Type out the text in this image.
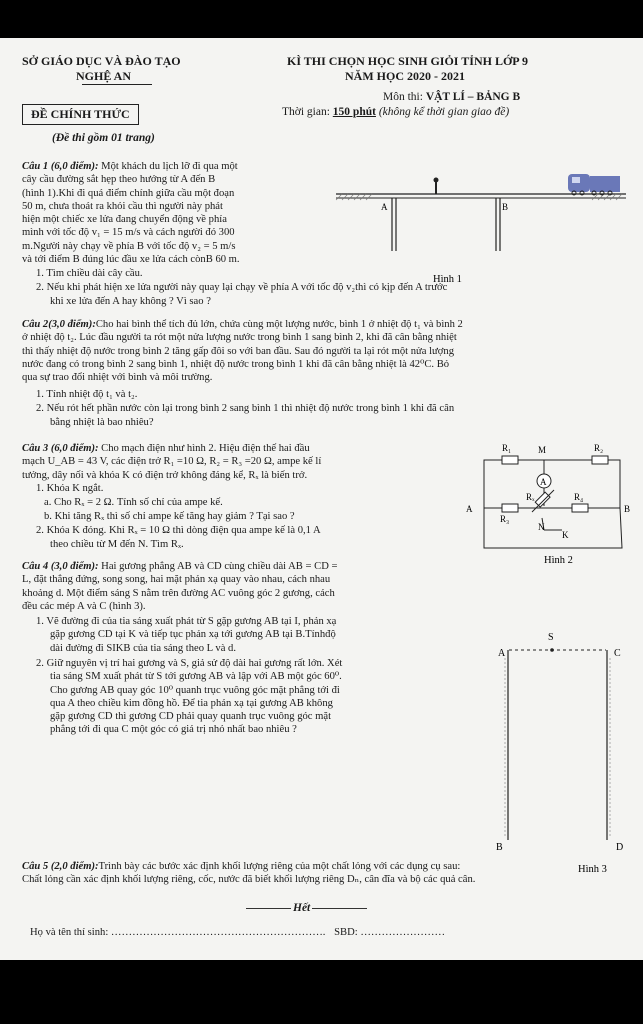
SỞ GIÁO DỤC VÀ ĐÀO TẠO
NGHỆ AN
ĐỀ CHÍNH THỨC
(Đề thi gồm 01 trang)
KÌ THI CHỌN HỌC SINH GIỎI TỈNH LỚP 9
NĂM HỌC 2020 - 2021
Môn thi: VẬT LÍ – BẢNG B
Thời gian: 150 phút (không kể thời gian giao đề)

Câu 1 (6,0 điểm): Một khách du lịch lỡ đi qua một

cây cầu đường sắt hẹp theo hướng từ A đến B

(hình 1).Khi đi quá điểm chính giữa cầu một đoạn

50 m, chưa thoát ra khỏi cầu thì người này phát

hiện một chiếc xe lửa đang chuyển động về phía

mình với tốc độ v₁ = 15 m/s và cách người đó 300

m.Người này chạy về phía B với tốc độ v₂ = 5 m/s

và tới điểm B đúng lúc đầu xe lửa cách cònB 60 m.

1. Tìm chiều dài cây cầu.
2. Nếu khi phát hiện xe lửa người này quay lại chạy về phía A với tốc độ v₂thì có kịp đến A trước
khi xe lửa đến A hay không ? Vì sao ?
A	B
Hình 1

Câu 2(3,0 điểm):Cho hai bình thể tích đủ lớn, chứa cùng một lượng nước, bình 1 ở nhiệt độ t₁ và bình 2

ở nhiệt độ t₂. Lúc đầu người ta rót một nửa lượng nước trong bình 1 sang bình 2, khi đã cân bằng nhiệt

thì thấy nhiệt độ nước trong bình 2 tăng gấp đôi so với ban đầu. Sau đó người ta lại rót một nửa lượng

nước đang có trong bình 2 sang bình 1, nhiệt độ nước trong bình 1 khi đã cân bằng nhiệt là 42⁰C. Bỏ

qua sự trao đổi nhiệt với bình và môi trường.

1. Tính nhiệt độ t₁ và t₂.
2. Nếu rót hết phần nước còn lại trong bình 2 sang bình 1 thì nhiệt độ nước trong bình 1 khi đã cân
bằng nhiệt là bao nhiêu?

Câu 3 (6,0 điểm): Cho mạch điện như hình 2. Hiệu điện thế hai đầu

mạch U_AB = 43 V, các điện trở R₁ =10 Ω, R₂ = R₃ =20 Ω, ampe kế lí

tưởng, dây nối và khóa K có điện trở không đáng kể, Rₓ là biến trở.

1. Khóa K ngắt.
a. Cho Rₓ = 2 Ω. Tính số chỉ của ampe kế.
b. Khi tăng Rₓ thì số chỉ ampe kế tăng hay giảm ? Tại sao ?
2. Khóa K đóng. Khi Rₓ = 10 Ω thì dòng điện qua ampe kế là 0,1 A
theo chiều từ M đến N. Tìm Rₓ.
A
R₁	M	R₂
A	B
R₃
Rₓ	R₄
N
K
Hình 2

Câu 4 (3,0 điểm): Hai gương phẳng AB và CD cùng chiều dài AB = CD =

L, đặt thẳng đứng, song song, hai mặt phản xạ quay vào nhau, cách nhau

khoảng d. Một điểm sáng S nằm trên đường AC vuông góc 2 gương, cách

đều các mép A và C (hình 3).

1. Vẽ đường đi của tia sáng xuất phát từ S gặp gương AB tại I, phản xạ

gặp gương CD tại K và tiếp tục phản xạ tới gương AB tại B.Tínhđộ

dài đường đi SIKB của tia sáng theo L và d.

2. Giữ nguyên vị trí hai gương và S, giả sử độ dài hai gương rất lớn. Xét

tia sáng SM xuất phát từ S tới gương AB và lập với AB một góc 60⁰.

Cho gương AB quay góc 10⁰ quanh trục vuông góc mặt phẳng tới đi

qua A theo chiều kim đồng hồ. Để tia phản xạ tại gương AB không

gặp gương CD thì gương CD phải quay quanh trục vuông góc mặt

phẳng tới đi qua C một góc có giá trị nhỏ nhất bao nhiêu ?

S
A	C
B	D
Hình 3

Câu 5 (2,0 điểm):Trình bày các bước xác định khối lượng riêng của một chất lỏng với các dụng cụ sau:

Chất lỏng cần xác định khối lượng riêng, cốc, nước đã biết khối lượng riêng Dₙ, cân đĩa và bộ các quả cân.

Hết
Họ và tên thí sinh: ……………………………………………………. SBD: ……………………
